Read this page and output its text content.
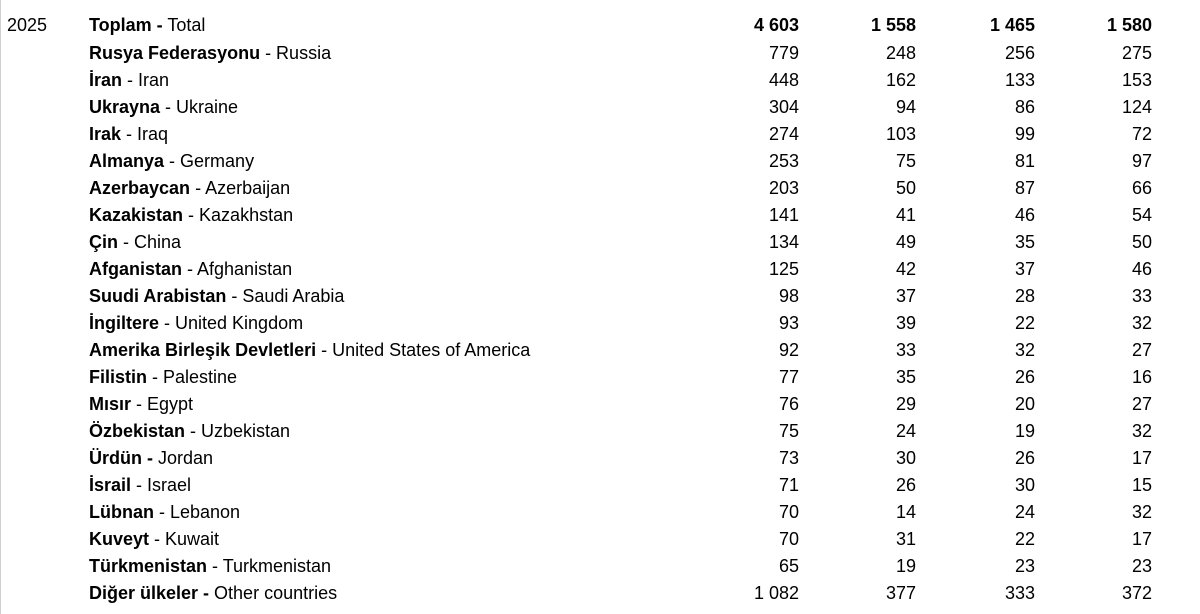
2025	Toplam - Total	4 603	1 558	1 465	1 580
Rusya Federasyonu - Russia	779	248	256	275
İran - Iran	448	162	133	153
Ukrayna - Ukraine	304	94	86	124
Irak - Iraq	274	103	99	72
Almanya - Germany	253	75	81	97
Azerbaycan - Azerbaijan	203	50	87	66
Kazakistan - Kazakhstan	141	41	46	54
Çin - China	134	49	35	50
Afganistan - Afghanistan	125	42	37	46
Suudi Arabistan - Saudi Arabia	98	37	28	33
İngiltere - United Kingdom	93	39	22	32
Amerika Birleşik Devletleri - United States of America	92	33	32	27
Filistin - Palestine	77	35	26	16
Mısır - Egypt	76	29	20	27
Özbekistan - Uzbekistan	75	24	19	32
Ürdün - Jordan	73	30	26	17
İsrail - Israel	71	26	30	15
Lübnan - Lebanon	70	14	24	32
Kuveyt - Kuwait	70	31	22	17
Türkmenistan - Turkmenistan	65	19	23	23
Diğer ülkeler - Other countries	1 082	377	333	372
